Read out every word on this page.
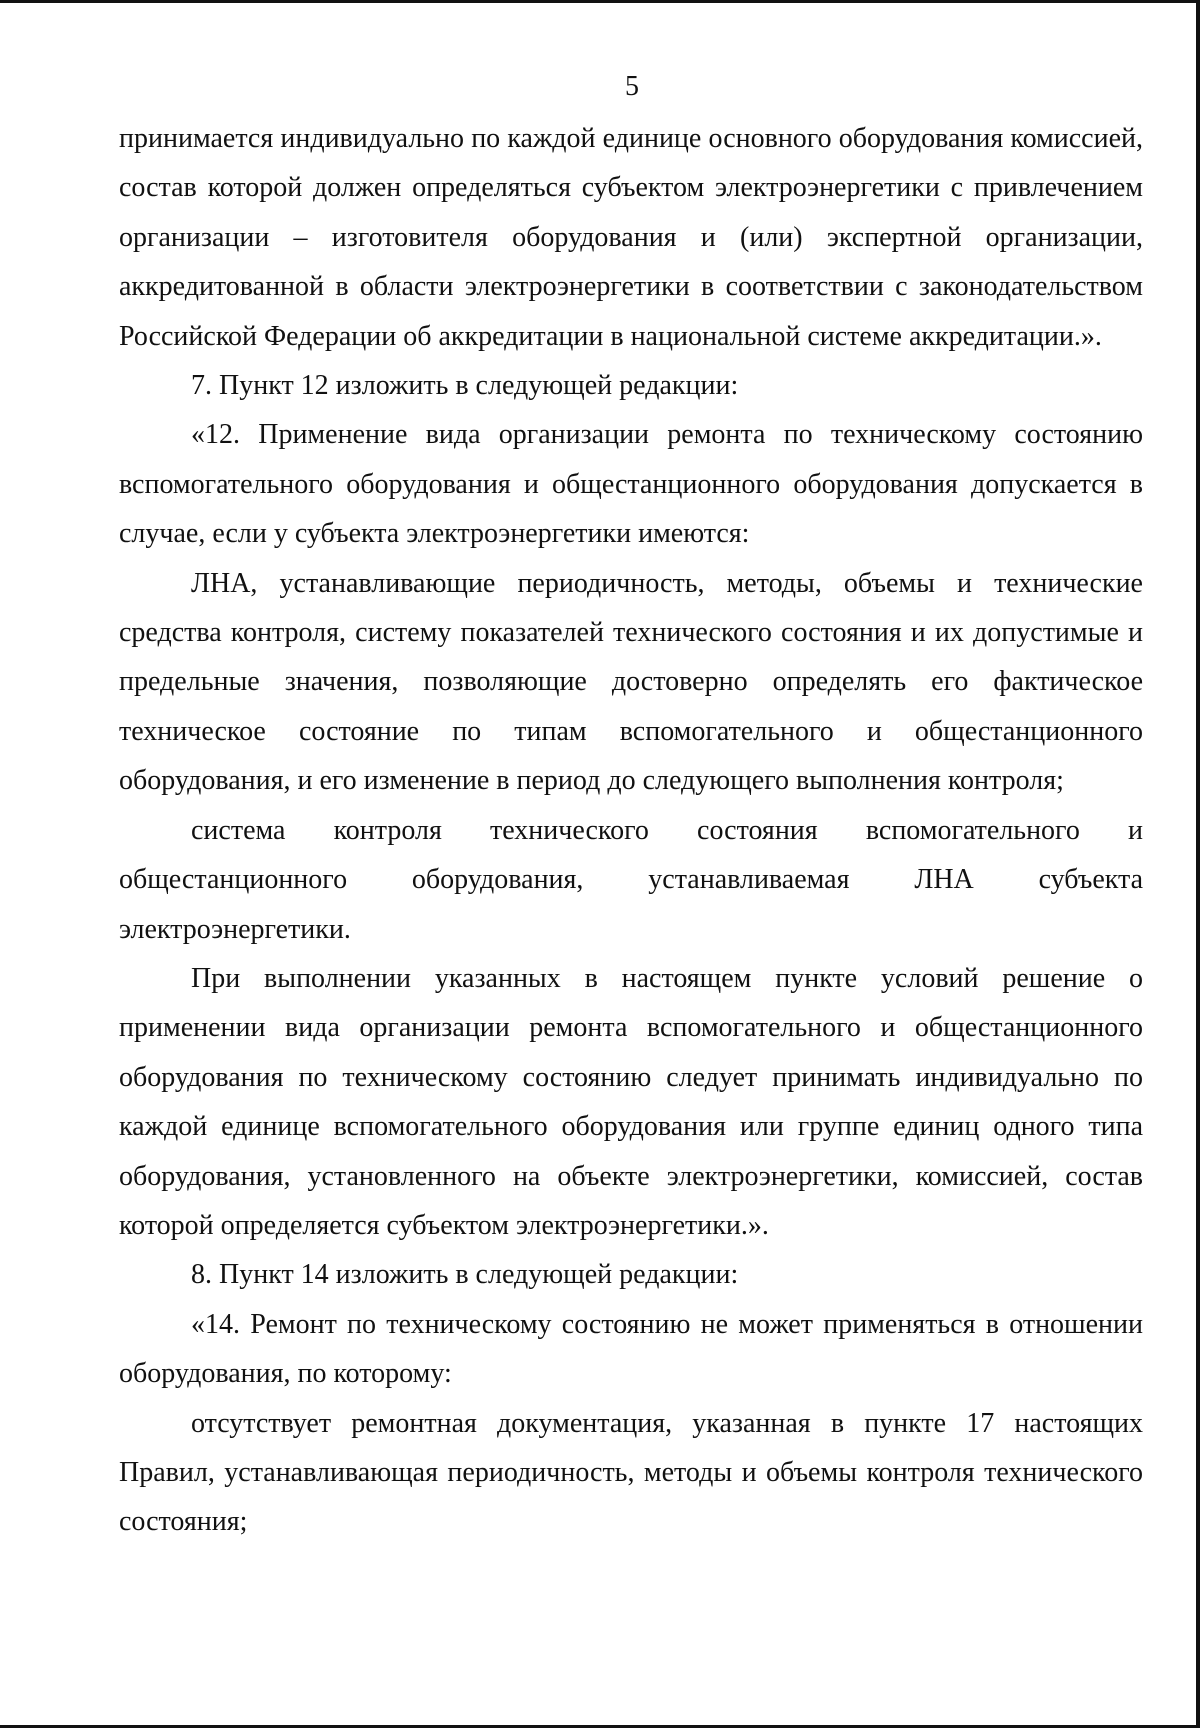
5

принимается индивидуально по каждой единице основного оборудования комиссией, состав которой должен определяться субъектом электроэнергетики с привлечением организации – изготовителя оборудования и (или) экспертной организации, аккредитованной в области электроэнергетики в соответствии с законодательством Российской Федерации об аккредитации в национальной системе аккредитации.».

7. Пункт 12 изложить в следующей редакции:

«12. Применение вида организации ремонта по техническому состоянию вспомогательного оборудования и общестанционного оборудования допускается в случае, если у субъекта электроэнергетики имеются:

ЛНА, устанавливающие периодичность, методы, объемы и технические средства контроля, систему показателей технического состояния и их допустимые и предельные значения, позволяющие достоверно определять его фактическое техническое состояние по типам вспомогательного и общестанционного оборудования, и его изменение в период до следующего выполнения контроля;

система контроля технического состояния вспомогательного и общестанционного оборудования, устанавливаемая ЛНА субъекта электроэнергетики.

При выполнении указанных в настоящем пункте условий решение о применении вида организации ремонта вспомогательного и общестанционного оборудования по техническому состоянию следует принимать индивидуально по каждой единице вспомогательного оборудования или группе единиц одного типа оборудования, установленного на объекте электроэнергетики, комиссией, состав которой определяется субъектом электроэнергетики.».

8. Пункт 14 изложить в следующей редакции:

«14. Ремонт по техническому состоянию не может применяться в отношении оборудования, по которому:

отсутствует ремонтная документация, указанная в пункте 17 настоящих Правил, устанавливающая периодичность, методы и объемы контроля технического состояния;
